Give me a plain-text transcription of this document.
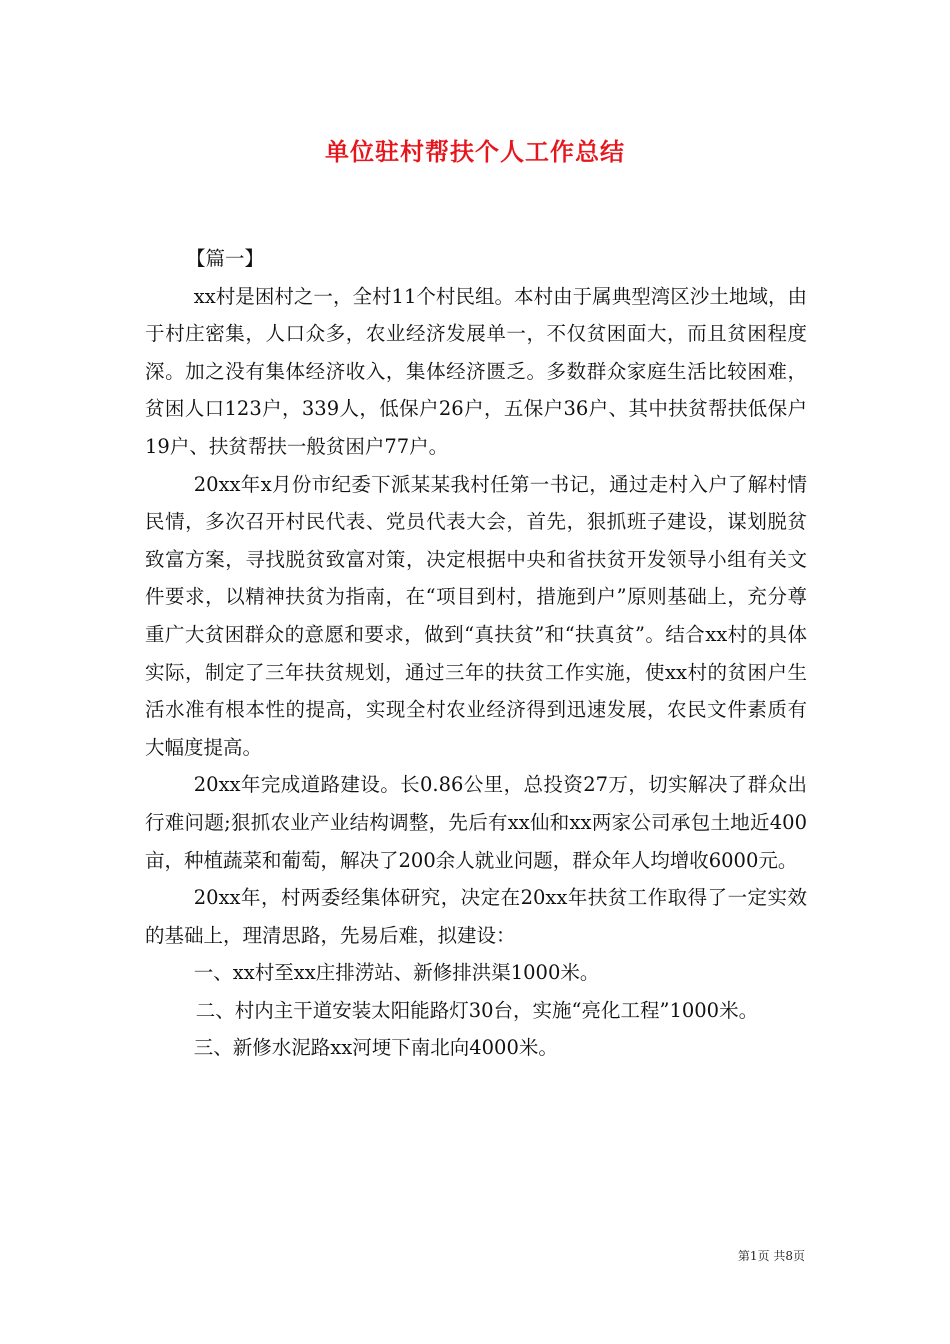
单位驻村帮扶个人工作总结

【篇一】

xx村是困村之一，全村11个村民组。本村由于属典型湾区沙土地域，由于村庄密集，人口众多，农业经济发展单一，不仅贫困面大，而且贫困程度深。加之没有集体经济收入，集体经济匮乏。多数群众家庭生活比较困难，贫困人口123户，339人，低保户26户，五保户36户、其中扶贫帮扶低保户19户、扶贫帮扶一般贫困户77户。

20xx年x月份市纪委下派某某我村任第一书记，通过走村入户了解村情民情，多次召开村民代表、党员代表大会，首先，狠抓班子建设，谋划脱贫致富方案，寻找脱贫致富对策，决定根据中央和省扶贫开发领导小组有关文件要求，以精神扶贫为指南，在“项目到村，措施到户”原则基础上，充分尊重广大贫困群众的意愿和要求，做到“真扶贫”和“扶真贫”。结合xx村的具体实际，制定了三年扶贫规划，通过三年的扶贫工作实施，使xx村的贫困户生活水准有根本性的提高，实现全村农业经济得到迅速发展，农民文件素质有大幅度提高。

20xx年完成道路建设。长0.86公里，总投资27万，切实解决了群众出行难问题;狠抓农业产业结构调整，先后有xx仙和xx两家公司承包土地近400亩，种植蔬菜和葡萄，解决了200余人就业问题，群众年人均增收6000元。

20xx年，村两委经集体研究，决定在20xx年扶贫工作取得了一定实效的基础上，理清思路，先易后难，拟建设：

一、xx村至xx庄排涝站、新修排洪渠1000米。

二、村内主干道安装太阳能路灯30台，实施“亮化工程”1000米。

三、新修水泥路xx河埂下南北向4000米。

第1页 共8页
